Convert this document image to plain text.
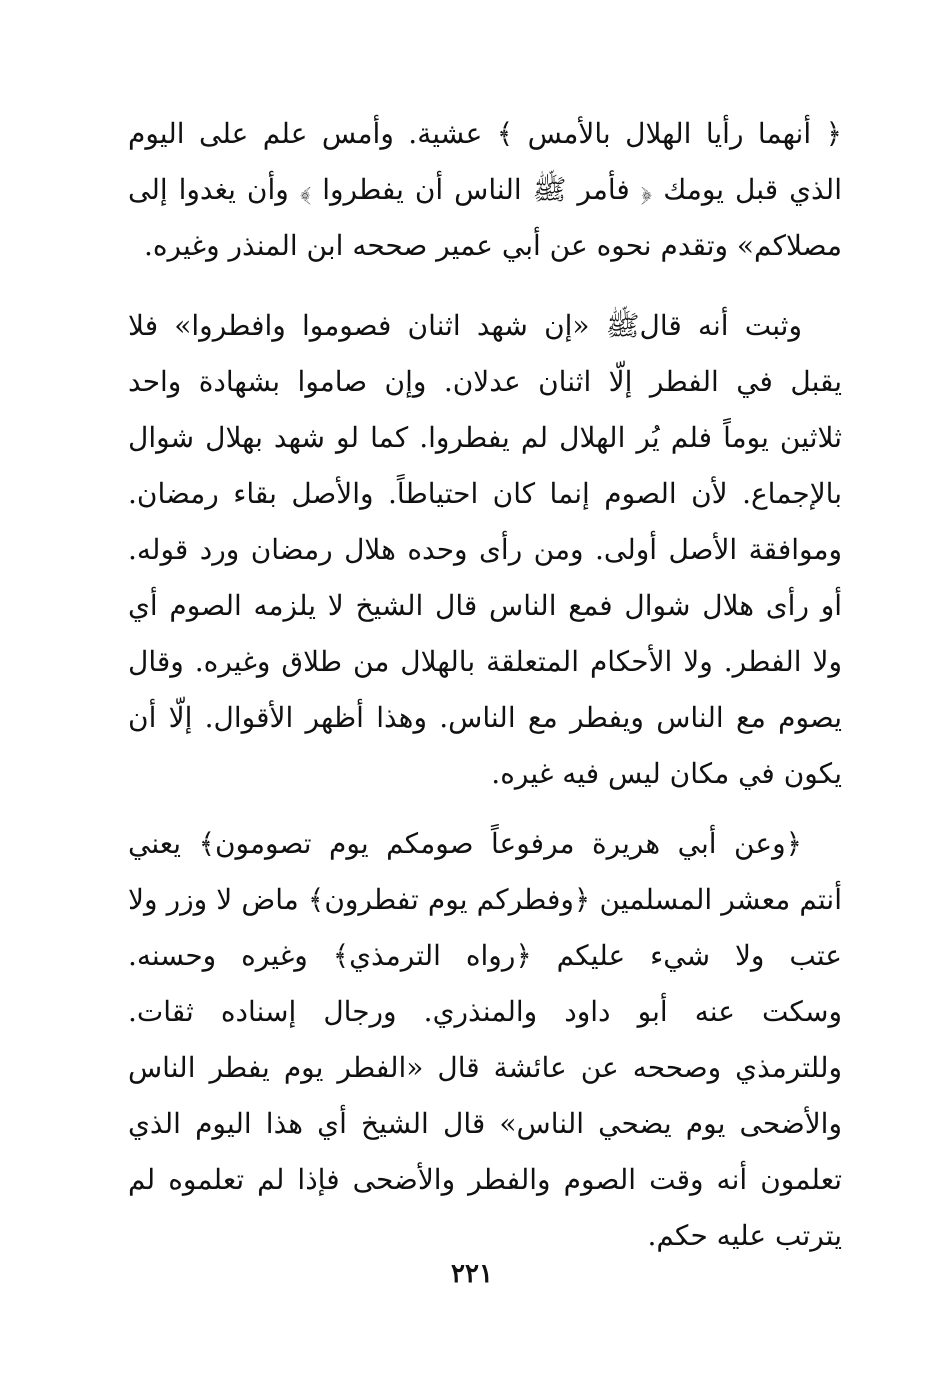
﴿ أنهما رأيا الهلال بالأمس ﴾ عشية. وأمس علم على اليوم
الذي قبل يومك ﴿ فأمر ﷺ الناس أن يفطروا ﴾ وأن يغدوا إلى
مصلاكم» وتقدم نحوه عن أبي عمير صححه ابن المنذر وغيره.
وثبت أنه قالﷺ «إن شهد اثنان فصوموا وافطروا» فلا
يقبل في الفطر إلّا اثنان عدلان. وإن صاموا بشهادة واحد
ثلاثين يوماً فلم يُر الهلال لم يفطروا. كما لو شهد بهلال شوال
بالإجماع. لأن الصوم إنما كان احتياطاً. والأصل بقاء رمضان.
وموافقة الأصل أولى. ومن رأى وحده هلال رمضان ورد قوله.
أو رأى هلال شوال فمع الناس قال الشيخ لا يلزمه الصوم أي
ولا الفطر. ولا الأحكام المتعلقة بالهلال من طلاق وغيره. وقال
يصوم مع الناس ويفطر مع الناس. وهذا أظهر الأقوال. إلّا أن
يكون في مكان ليس فيه غيره.
﴿وعن أبي هريرة مرفوعاً صومكم يوم تصومون﴾ يعني
أنتم معشر المسلمين ﴿وفطركم يوم تفطرون﴾ ماض لا وزر ولا
عتب ولا شيء عليكم ﴿رواه الترمذي﴾ وغيره وحسنه.
وسكت عنه أبو داود والمنذري. ورجال إسناده ثقات.
وللترمذي وصححه عن عائشة قال «الفطر يوم يفطر الناس
والأضحى يوم يضحي الناس» قال الشيخ أي هذا اليوم الذي
تعلمون أنه وقت الصوم والفطر والأضحى فإذا لم تعلموه لم
يترتب عليه حكم.
٢٢١
